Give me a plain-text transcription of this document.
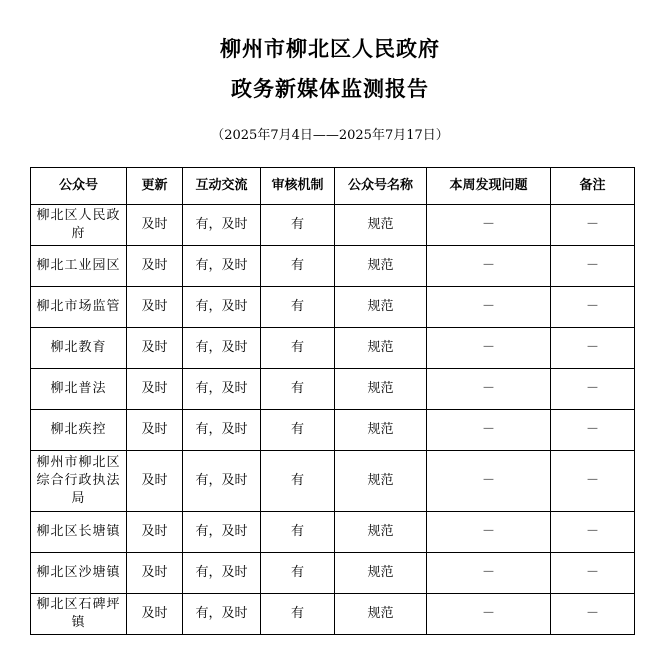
柳州市柳北区人民政府
政务新媒体监测报告
（2025年7月4日——2025年7月17日）
公众号	更新	互动交流	审核机制	公众号名称	本周发现问题	备注
柳北区人民政府	及时	有，及时	有	规范	－	－
柳北工业园区	及时	有，及时	有	规范	－	－
柳北市场监管	及时	有，及时	有	规范	－	－
柳北教育	及时	有，及时	有	规范	－	－
柳北普法	及时	有，及时	有	规范	－	－
柳北疾控	及时	有，及时	有	规范	－	－
柳州市柳北区综合行政执法局	及时	有，及时	有	规范	－	－
柳北区长塘镇	及时	有，及时	有	规范	－	－
柳北区沙塘镇	及时	有，及时	有	规范	－	－
柳北区石碑坪镇	及时	有，及时	有	规范	－	－
